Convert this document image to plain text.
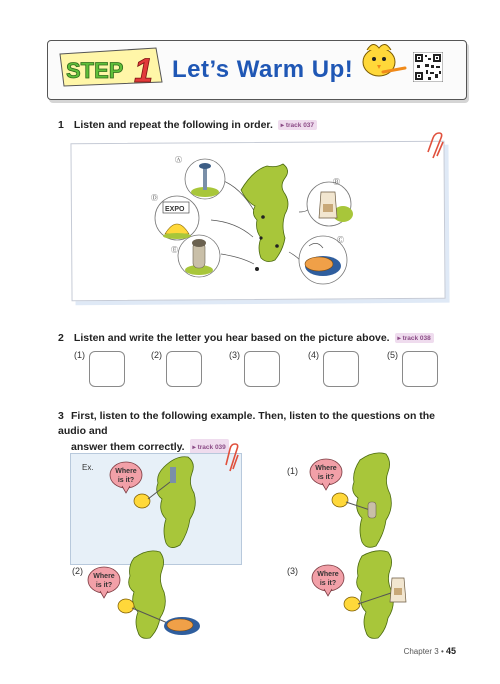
STEP 1 Let’s Warm Up!
1 Listen and repeat the following in order. ▸ track 037
Ⓐ
EXPO
Ⓓ
Ⓔ
Ⓑ
Ⓒ
2 Listen and write the letter you hear based on the picture above. ▸ track 038
(1)	(2)	(3)	(4)	(5)
3 First, listen to the following example. Then, listen to the questions on the audio and
answer them correctly. ▸ track 039
Ex.	Where
is it?
(1) Where
is it?
(2)
Where
is it?
(3)	Where
is it?
Chapter 3 • 45
